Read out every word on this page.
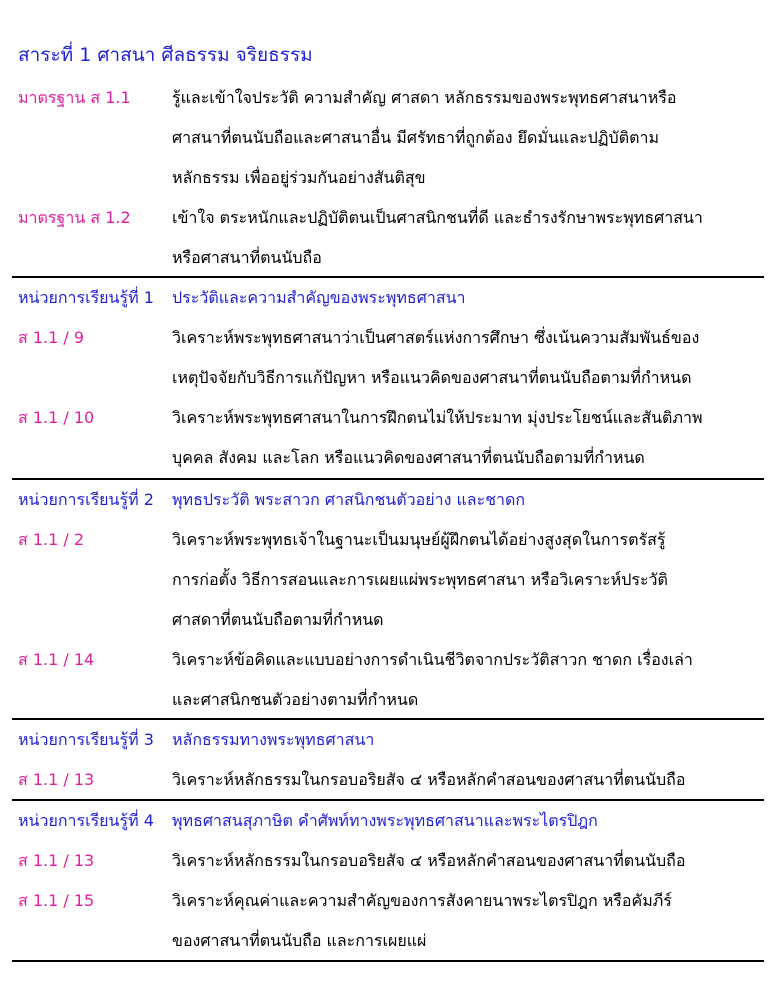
สาระที่ 1 ศาสนา ศีลธรรม จริยธรรม
มาตรฐาน ส 1.1	รู้และเข้าใจประวัติ ความสำคัญ ศาสดา หลักธรรมของพระพุทธศาสนาหรือ
ศาสนาที่ตนนับถือและศาสนาอื่น มีศรัทธาที่ถูกต้อง ยึดมั่นและปฏิบัติตาม
หลักธรรม เพื่ออยู่ร่วมกันอย่างสันติสุข
มาตรฐาน ส 1.2	เข้าใจ ตระหนักและปฏิบัติตนเป็นศาสนิกชนที่ดี และธำรงรักษาพระพุทธศาสนา
หรือศาสนาที่ตนนับถือ
หน่วยการเรียนรู้ที่ 1 ประวัติและความสำคัญของพระพุทธศาสนา
ส 1.1 / 9	วิเคราะห์พระพุทธศาสนาว่าเป็นศาสตร์แห่งการศึกษา ซึ่งเน้นความสัมพันธ์ของ
เหตุปัจจัยกับวิธีการแก้ปัญหา หรือแนวคิดของศาสนาที่ตนนับถือตามที่กำหนด
ส 1.1 / 10	วิเคราะห์พระพุทธศาสนาในการฝึกตนไม่ให้ประมาท มุ่งประโยชน์และสันติภาพ
บุคคล สังคม และโลก หรือแนวคิดของศาสนาที่ตนนับถือตามที่กำหนด
หน่วยการเรียนรู้ที่ 2 พุทธประวัติ พระสาวก ศาสนิกชนตัวอย่าง และชาดก
ส 1.1 / 2	วิเคราะห์พระพุทธเจ้าในฐานะเป็นมนุษย์ผู้ฝึกตนได้อย่างสูงสุดในการตรัสรู้
การก่อตั้ง วิธีการสอนและการเผยแผ่พระพุทธศาสนา หรือวิเคราะห์ประวัติ
ศาสดาที่ตนนับถือตามที่กำหนด
ส 1.1 / 14	วิเคราะห์ข้อคิดและแบบอย่างการดำเนินชีวิตจากประวัติสาวก ชาดก เรื่องเล่า
และศาสนิกชนตัวอย่างตามที่กำหนด
หน่วยการเรียนรู้ที่ 3 หลักธรรมทางพระพุทธศาสนา
ส 1.1 / 13	วิเคราะห์หลักธรรมในกรอบอริยสัจ ๔ หรือหลักคำสอนของศาสนาที่ตนนับถือ
หน่วยการเรียนรู้ที่ 4 พุทธศาสนสุภาษิต คำศัพท์ทางพระพุทธศาสนาและพระไตรปิฎก
ส 1.1 / 13	วิเคราะห์หลักธรรมในกรอบอริยสัจ ๔ หรือหลักคำสอนของศาสนาที่ตนนับถือ
ส 1.1 / 15	วิเคราะห์คุณค่าและความสำคัญของการสังคายนาพระไตรปิฎก หรือคัมภีร์
ของศาสนาที่ตนนับถือ และการเผยแผ่
